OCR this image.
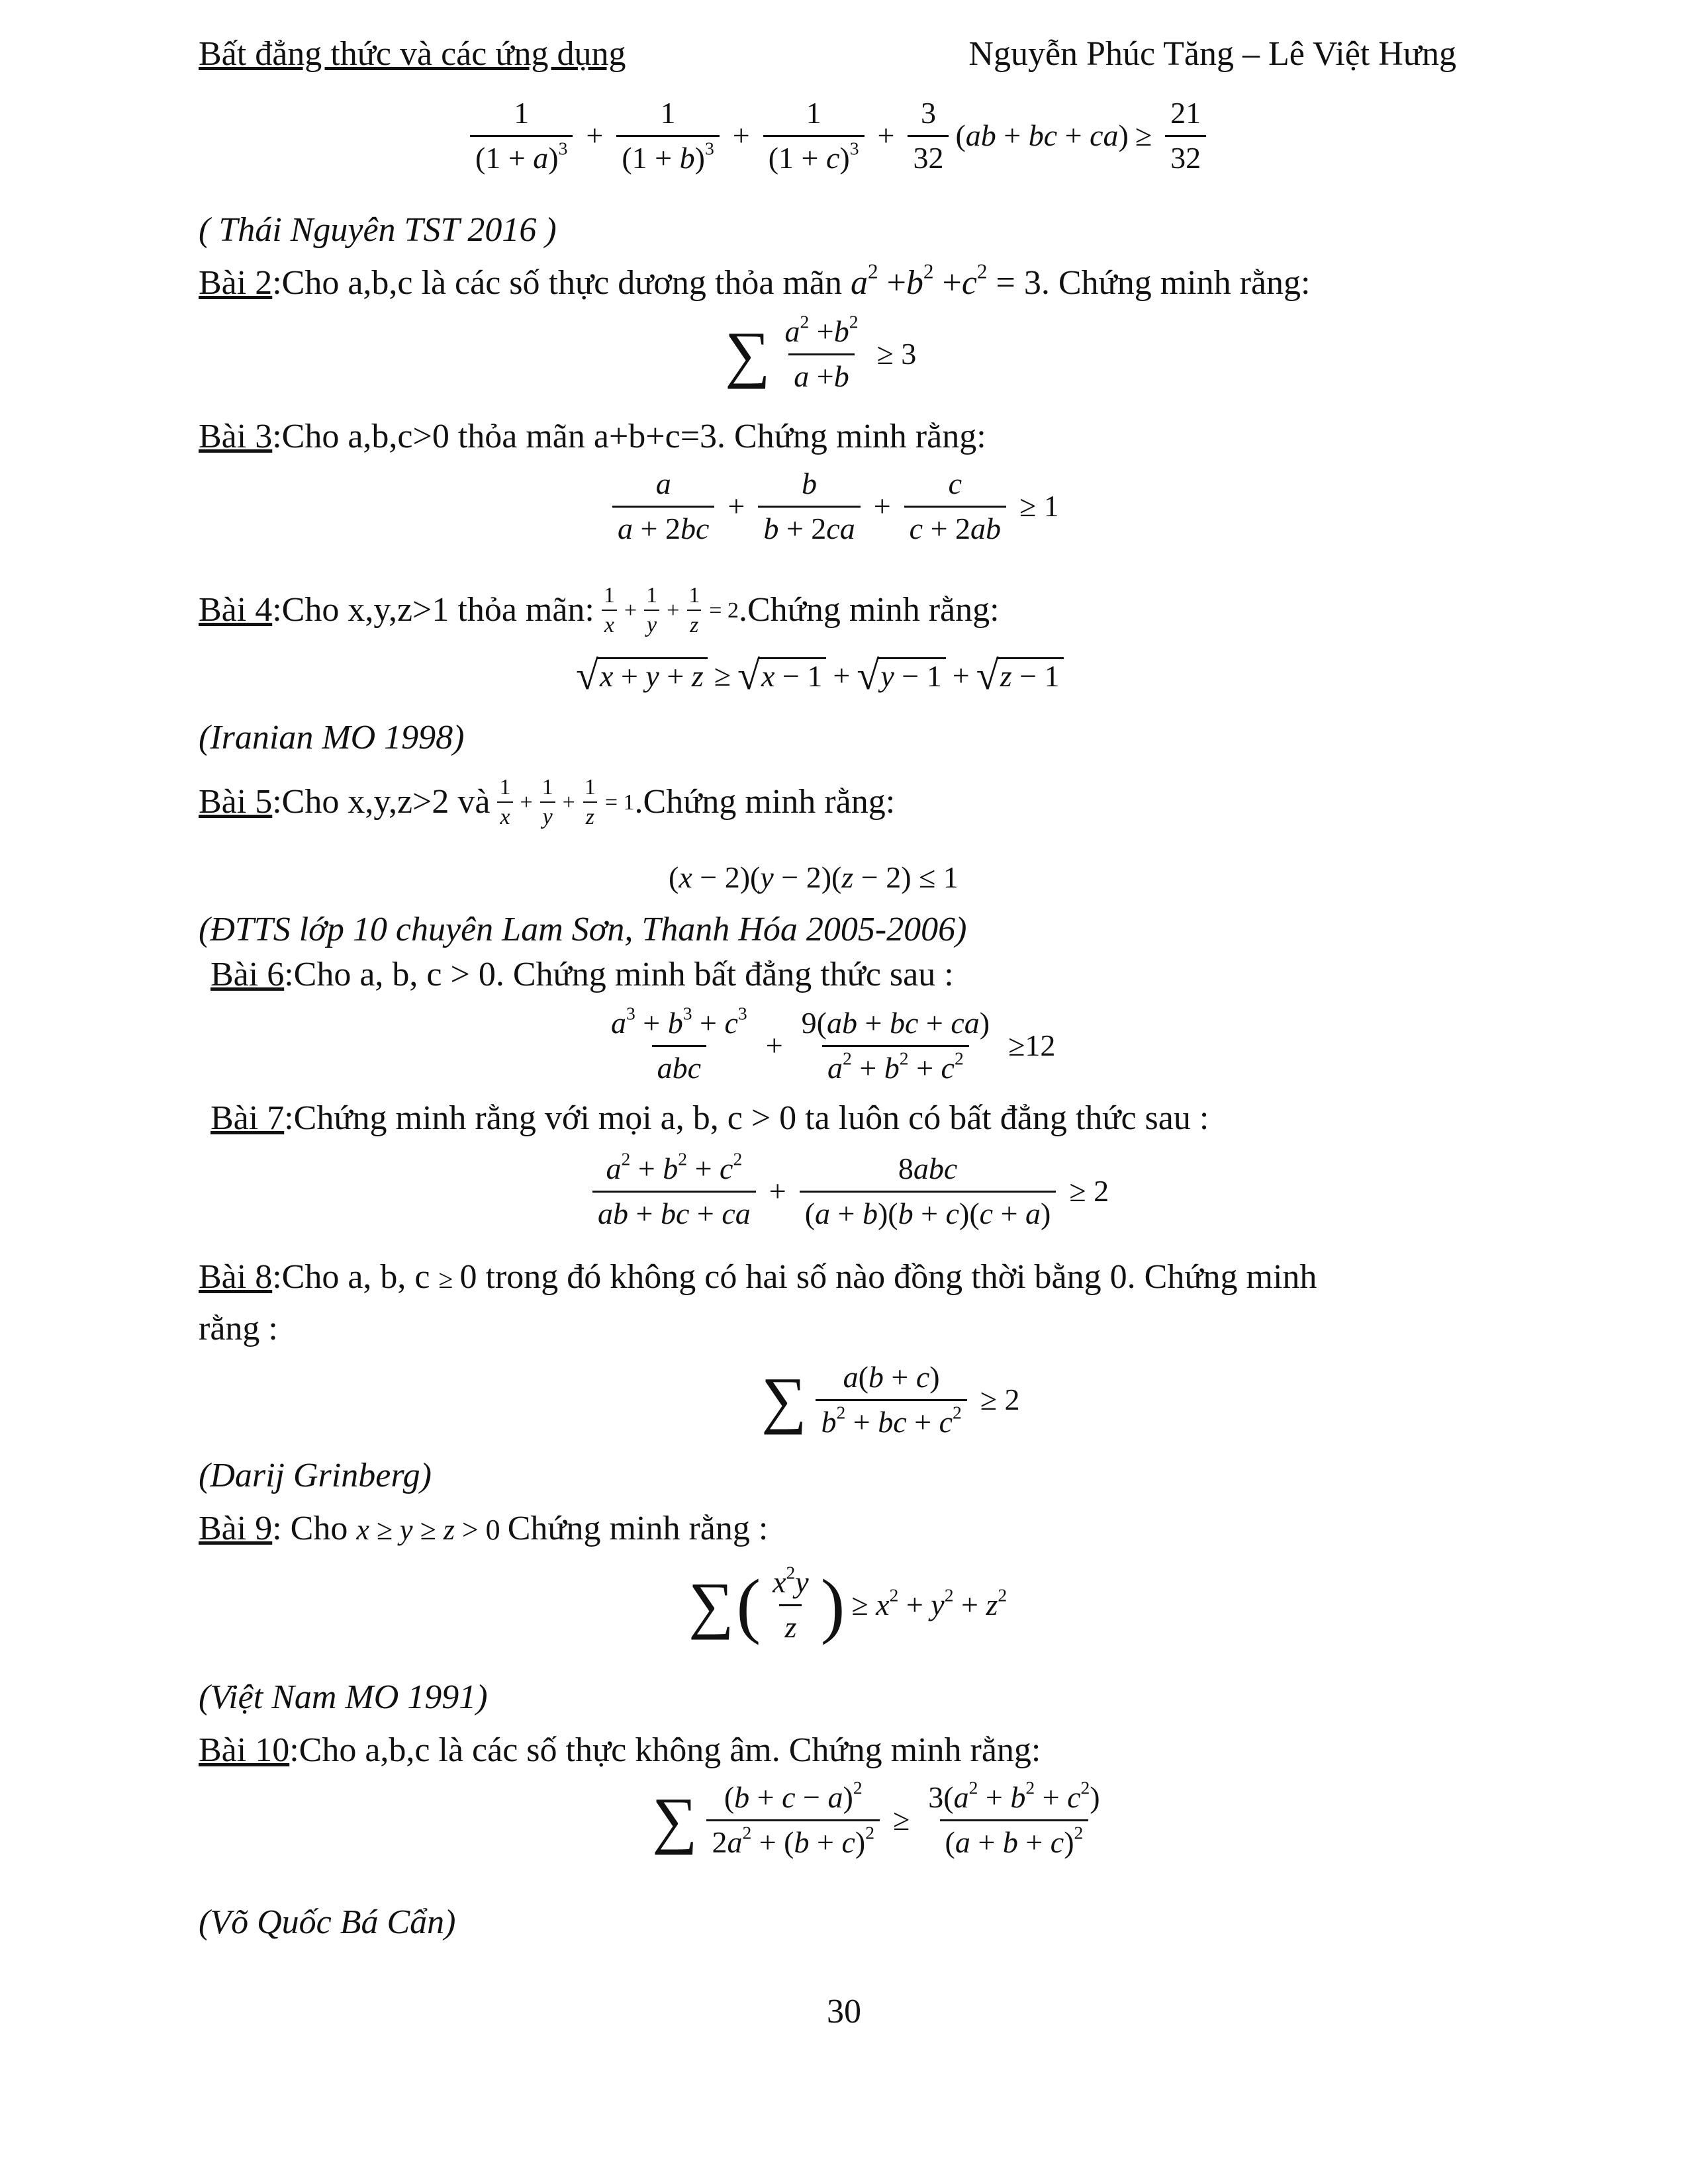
Bất đẳng thức và các ứng dụng	Nguyễn Phúc Tăng – Lê Việt Hưng
$\frac{1}{(1 + a)^3} + \frac{1}{(1 + b)^3} + \frac{1}{(1 + c)^3} + \frac{3}{32} (ab$ + bc + $ca) \ge \frac{21}{32}$
( Thái Nguyên TST 2016 )
Bài 2:Cho a,b,c là các số thực dương thỏa mãn $a^2 +b^2 +c^2 = 3$. Chứng minh rằng:
∑ $\frac{a^2 +b^2}{a +b} \ge 3$
Bài 3:Cho a,b,c>0 thỏa mãn a+b+c=3. Chứng minh rằng:
$\frac{a}{a + 2bc} + \frac{b}{b + 2ca} + \frac{c}{c + 2ab} \ge 1$
Bài 4 :Cho x,y,z>1 thỏa mãn: $\frac{1}{x} + \frac{1}{y} + \frac{1}{z} = 2$ .Chứng minh rằng:
√ x + y + z ≥ √ x − 1 + √ y − 1 + √ z − 1
(Iranian MO 1998)
Bài 5 :Cho x,y,z>2 và $\frac{1}{x} + \frac{1}{y} + \frac{1}{z} = 1$ .Chứng minh rằng:
(x − 2)(y − 2)(z − 2) ≤ 1
(ĐTTS lớp 10 chuyên Lam Sơn, Thanh Hóa 2005-2006)
Bài 6:Cho a, b, c > 0. Chứng minh bất đẳng thức sau :
$\frac{a^3 + b^3 + c^3}{\text{abc}} + \frac{9(ab + bc + ca)}{a^2 + b^2 + c^2} \ge 12$
Bài 7:Chứng minh rằng với mọi a, b, c > 0 ta luôn có bất đẳng thức sau :
$\frac{a^2 + b^2 + c^2}{ab + bc + ca} + \frac{\text{8abc}}{(a + b)(b + c)(c + a)} \ge 2$
Bài 8:Cho a, b, c ≥ 0 trong đó không có hai số nào đồng thời bằng 0. Chứng minh
rằng :
∑ $\frac{a(b + c)}{b^2 + bc + c^2} \ge 2$
(Darij Grinberg)
Bài 9: Cho x ≥ y ≥ z > 0 Chứng minh rằng :
∑ ( $\frac{x^2y}{z}$ ) ≥ $x^2 + y^2 + z^2$
(Việt Nam MO 1991)
Bài 10:Cho a,b,c là các số thực không âm. Chứng minh rằng:
∑ $\frac{(b + c - a)^2}{2a^2 + (b + c)^2} \ge \frac{3(a^2 + b^2 + c^2)}{(a + b + c)^2}$
(Võ Quốc Bá Cẩn)
30
